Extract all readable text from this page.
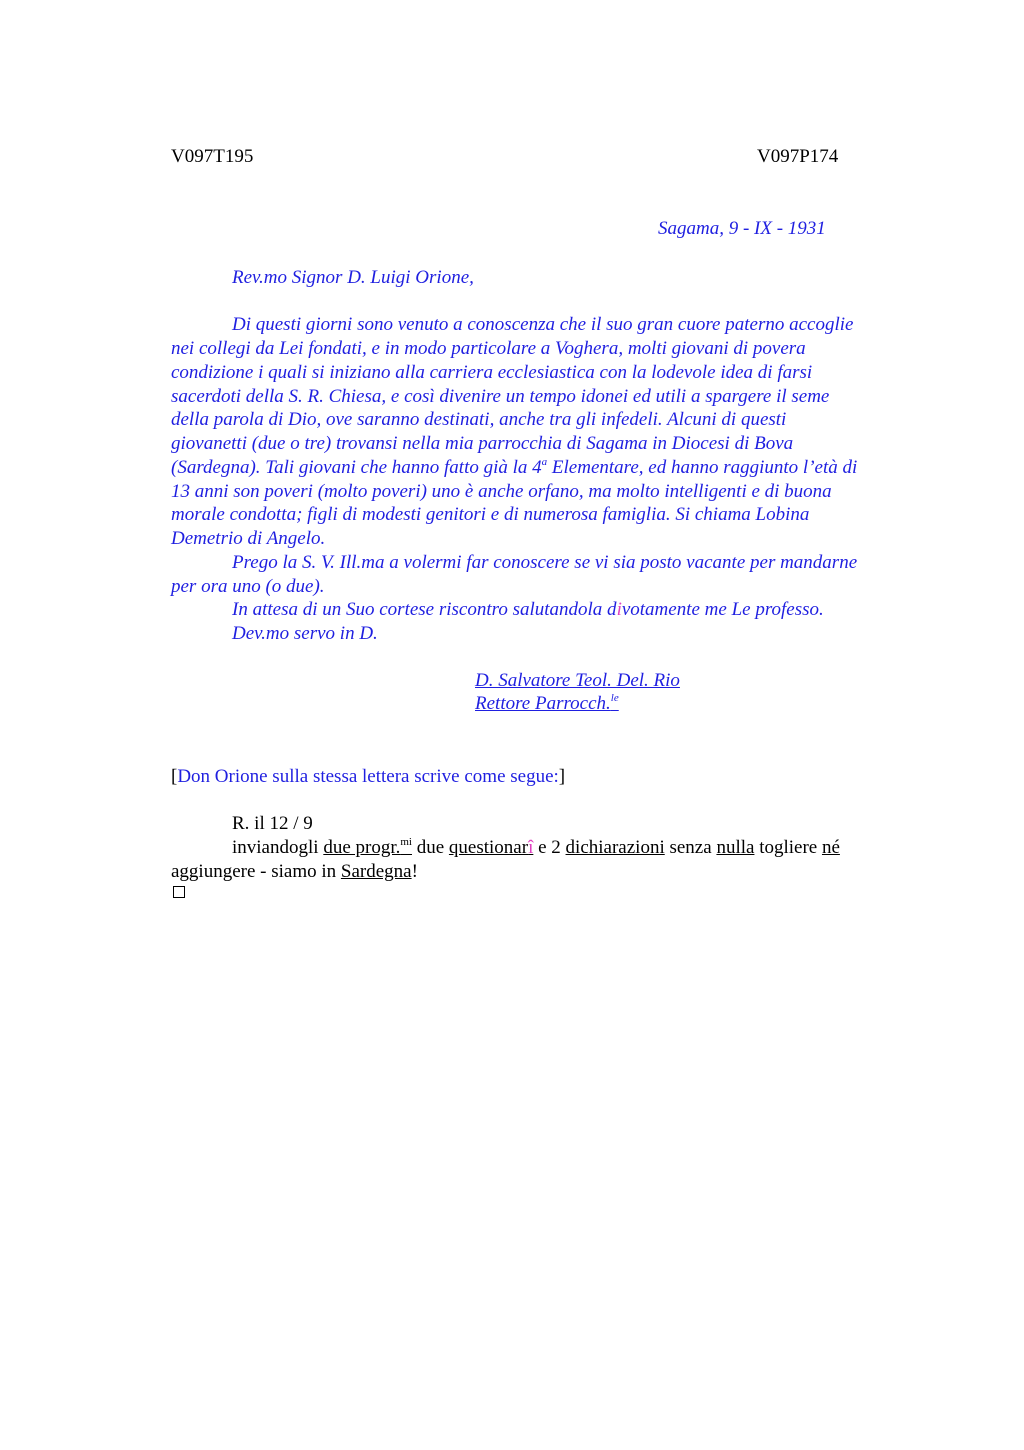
V097T195	V097P174
Sagama, 9 - IX - 1931
Rev.mo Signor D. Luigi Orione,
Di questi giorni sono venuto a conoscenza che il suo gran cuore paterno accoglie
nei collegi da Lei fondati, e in modo particolare a Voghera, molti giovani di povera
condizione i quali si iniziano alla carriera ecclesiastica con la lodevole idea di farsi
sacerdoti della S. R. Chiesa, e così divenire un tempo idonei ed utili a spargere il seme
della parola di Dio, ove saranno destinati, anche tra gli infedeli. Alcuni di questi
giovanetti (due o tre) trovansi nella mia parrocchia di Sagama in Diocesi di Bova
(Sardegna). Tali giovani che hanno fatto già la 4$^a$ Elementare, ed hanno raggiunto l’età di
13 anni son poveri (molto poveri) uno è anche orfano, ma molto intelligenti e di buona
morale condotta; figli di modesti genitori e di numerosa famiglia. Si chiama Lobina
Demetrio di Angelo.
Prego la S. V. Ill.ma a volermi far conoscere se vi sia posto vacante per mandarne
per ora uno (o due).
In attesa di un Suo cortese riscontro salutandola divotamente me Le professo.
Dev.mo servo in D.
D. Salvatore Teol. Del. Rio
Rettore Parrocch.$^{le}$
[Don Orione sulla stessa lettera scrive come segue:]
R. il 12 / 9
inviandogli due progr.$^{mi}$ due questionarî e 2 dichiarazioni senza nulla togliere né
aggiungere - siamo in Sardegna!
